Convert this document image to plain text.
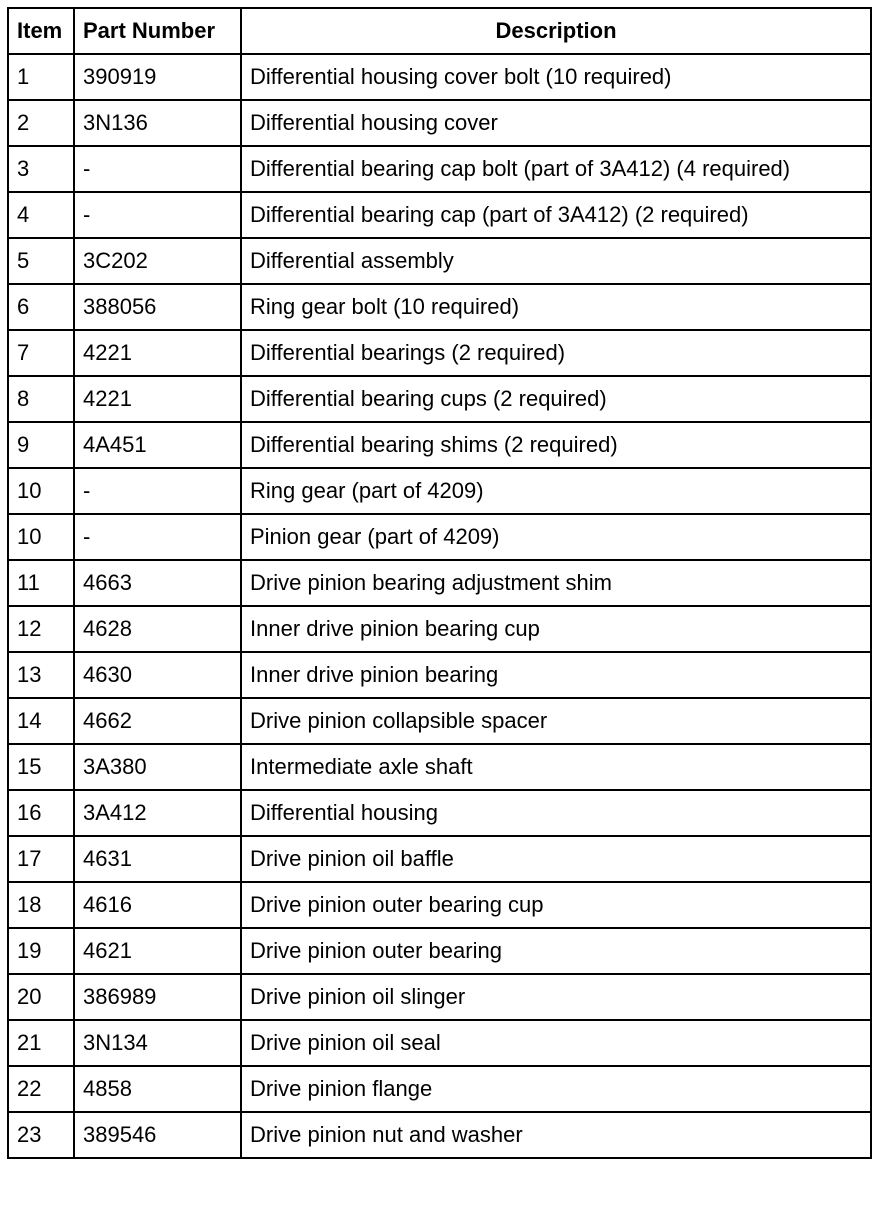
Item	Part Number	Description
1	390919	Differential housing cover bolt (10 required)
2	3N136	Differential housing cover
3	-	Differential bearing cap bolt (part of 3A412) (4 required)
4	-	Differential bearing cap (part of 3A412) (2 required)
5	3C202	Differential assembly
6	388056	Ring gear bolt (10 required)
7	4221	Differential bearings (2 required)
8	4221	Differential bearing cups (2 required)
9	4A451	Differential bearing shims (2 required)
10	-	Ring gear (part of 4209)
10	-	Pinion gear (part of 4209)
11	4663	Drive pinion bearing adjustment shim
12	4628	Inner drive pinion bearing cup
13	4630	Inner drive pinion bearing
14	4662	Drive pinion collapsible spacer
15	3A380	Intermediate axle shaft
16	3A412	Differential housing
17	4631	Drive pinion oil baffle
18	4616	Drive pinion outer bearing cup
19	4621	Drive pinion outer bearing
20	386989	Drive pinion oil slinger
21	3N134	Drive pinion oil seal
22	4858	Drive pinion flange
23	389546	Drive pinion nut and washer
